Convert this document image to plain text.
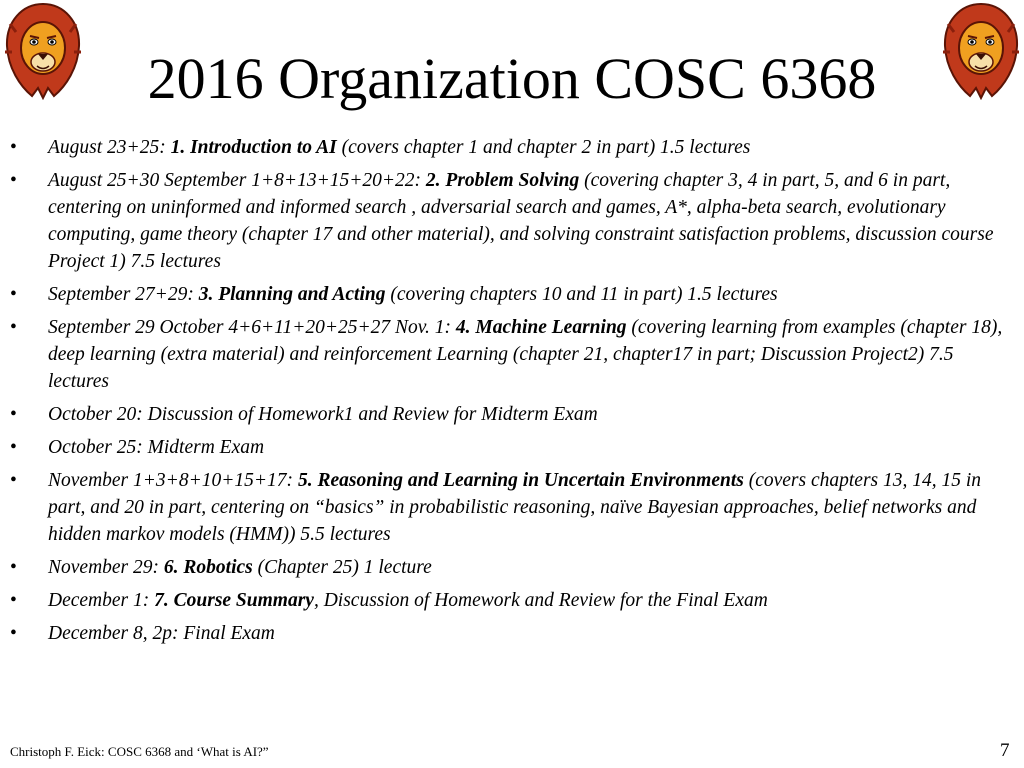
2016 Organization COSC 6368
• August 23+25: 1. Introduction to AI (covers chapter 1 and chapter 2 in part) 1.5 lectures
• August 25+30 September 1+8+13+15+20+22: 2. Problem Solving (covering chapter 3, 4 in part, 5, and 6 in part, centering on uninformed and informed search , adversarial search and games, A*, alpha-beta search, evolutionary computing, game theory (chapter 17 and other material), and solving constraint satisfaction problems, discussion course Project 1) 7.5 lectures
• September 27+29: 3. Planning and Acting (covering chapters 10 and 11 in part) 1.5 lectures
• September 29 October 4+6+11+20+25+27 Nov. 1: 4. Machine Learning (covering learning from examples (chapter 18), deep learning (extra material) and reinforcement Learning (chapter 21, chapter17 in part; Discussion Project2) 7.5 lectures
• October 20: Discussion of Homework1 and Review for Midterm Exam
• October 25: Midterm Exam
• November 1+3+8+10+15+17: 5. Reasoning and Learning in Uncertain Environments (covers chapters 13, 14, 15 in part, and 20 in part, centering on “basics” in probabilistic reasoning, naïve Bayesian approaches, belief networks and hidden markov models (HMM)) 5.5 lectures
• November 29: 6. Robotics (Chapter 25) 1 lecture
• December 1: 7. Course Summary, Discussion of Homework and Review for the Final Exam
• December 8, 2p: Final Exam
Christoph F. Eick: COSC 6368 and ‘What is AI?”	7
